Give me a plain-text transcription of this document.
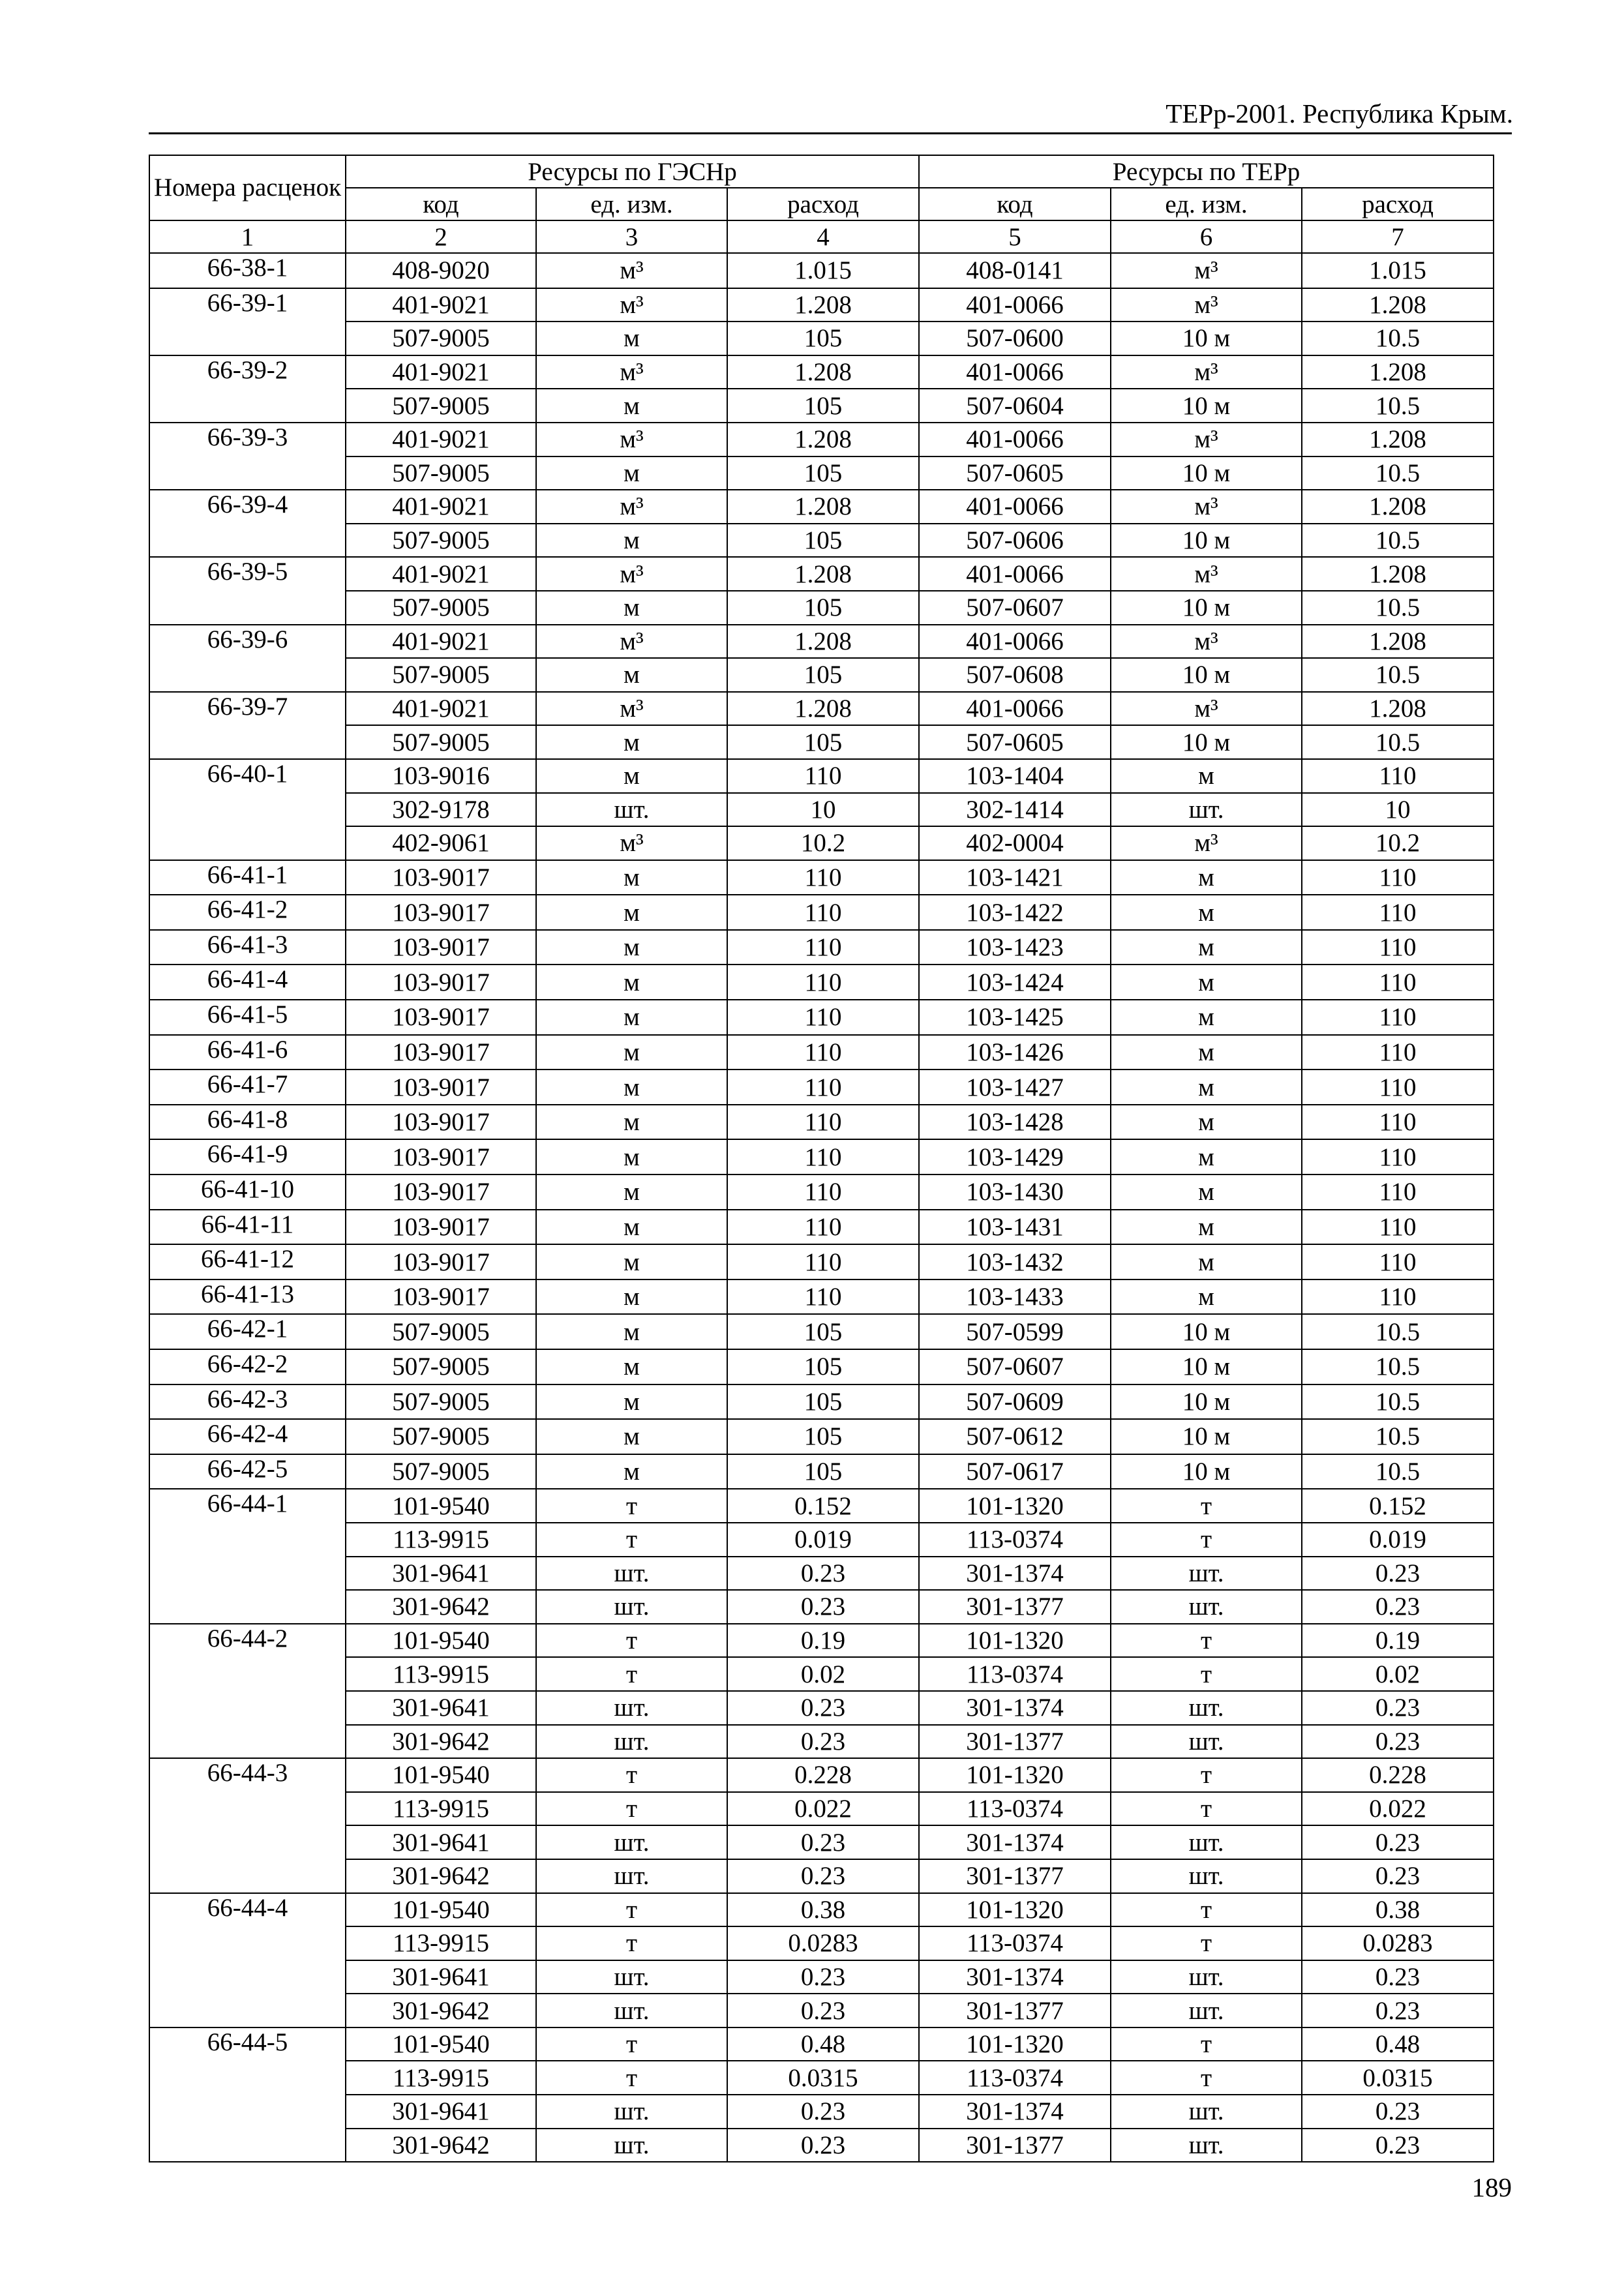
ТЕРр-2001. Республика Крым.
Номера расценок	Ресурсы по ГЭСНр			Ресурсы по ТЕРр		
	код	ед. изм.	расход	код	ед. изм.	расход
1	2	3	4	5	6	7
66-38-1	408-9020	м³	1.015	408-0141	м³	1.015
66-39-1	401-9021	м³	1.208	401-0066	м³	1.208
	507-9005	м	105	507-0600	10 м	10.5
66-39-2	401-9021	м³	1.208	401-0066	м³	1.208
	507-9005	м	105	507-0604	10 м	10.5
66-39-3	401-9021	м³	1.208	401-0066	м³	1.208
	507-9005	м	105	507-0605	10 м	10.5
66-39-4	401-9021	м³	1.208	401-0066	м³	1.208
	507-9005	м	105	507-0606	10 м	10.5
66-39-5	401-9021	м³	1.208	401-0066	м³	1.208
	507-9005	м	105	507-0607	10 м	10.5
66-39-6	401-9021	м³	1.208	401-0066	м³	1.208
	507-9005	м	105	507-0608	10 м	10.5
66-39-7	401-9021	м³	1.208	401-0066	м³	1.208
	507-9005	м	105	507-0605	10 м	10.5
66-40-1	103-9016	м	110	103-1404	м	110
	302-9178	шт.	10	302-1414	шт.	10
	402-9061	м³	10.2	402-0004	м³	10.2
66-41-1	103-9017	м	110	103-1421	м	110
66-41-2	103-9017	м	110	103-1422	м	110
66-41-3	103-9017	м	110	103-1423	м	110
66-41-4	103-9017	м	110	103-1424	м	110
66-41-5	103-9017	м	110	103-1425	м	110
66-41-6	103-9017	м	110	103-1426	м	110
66-41-7	103-9017	м	110	103-1427	м	110
66-41-8	103-9017	м	110	103-1428	м	110
66-41-9	103-9017	м	110	103-1429	м	110
66-41-10	103-9017	м	110	103-1430	м	110
66-41-11	103-9017	м	110	103-1431	м	110
66-41-12	103-9017	м	110	103-1432	м	110
66-41-13	103-9017	м	110	103-1433	м	110
66-42-1	507-9005	м	105	507-0599	10 м	10.5
66-42-2	507-9005	м	105	507-0607	10 м	10.5
66-42-3	507-9005	м	105	507-0609	10 м	10.5
66-42-4	507-9005	м	105	507-0612	10 м	10.5
66-42-5	507-9005	м	105	507-0617	10 м	10.5
66-44-1	101-9540	т	0.152	101-1320	т	0.152
	113-9915	т	0.019	113-0374	т	0.019
	301-9641	шт.	0.23	301-1374	шт.	0.23
	301-9642	шт.	0.23	301-1377	шт.	0.23
66-44-2	101-9540	т	0.19	101-1320	т	0.19
	113-9915	т	0.02	113-0374	т	0.02
	301-9641	шт.	0.23	301-1374	шт.	0.23
	301-9642	шт.	0.23	301-1377	шт.	0.23
66-44-3	101-9540	т	0.228	101-1320	т	0.228
	113-9915	т	0.022	113-0374	т	0.022
	301-9641	шт.	0.23	301-1374	шт.	0.23
	301-9642	шт.	0.23	301-1377	шт.	0.23
66-44-4	101-9540	т	0.38	101-1320	т	0.38
	113-9915	т	0.0283	113-0374	т	0.0283
	301-9641	шт.	0.23	301-1374	шт.	0.23
	301-9642	шт.	0.23	301-1377	шт.	0.23
66-44-5	101-9540	т	0.48	101-1320	т	0.48
	113-9915	т	0.0315	113-0374	т	0.0315
	301-9641	шт.	0.23	301-1374	шт.	0.23
	301-9642	шт.	0.23	301-1377	шт.	0.23
189
